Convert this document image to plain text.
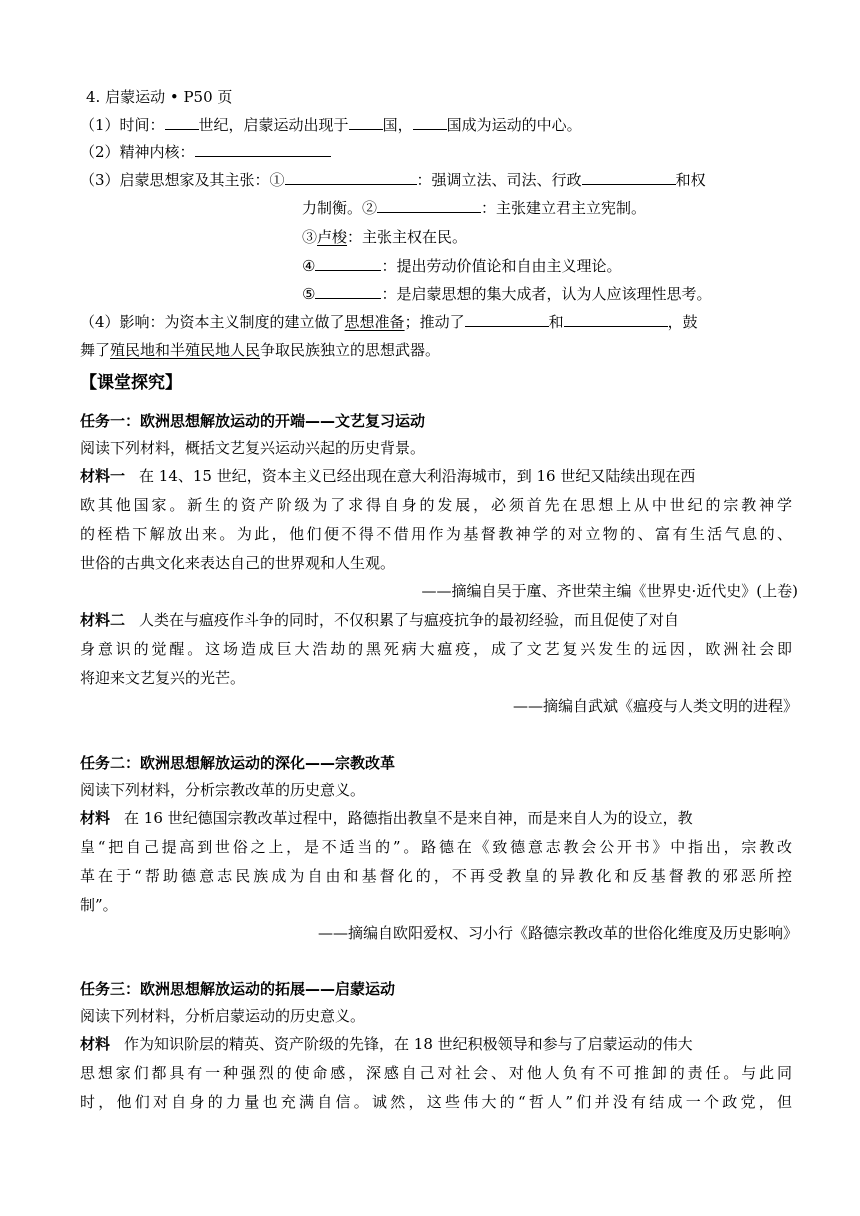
4. 启蒙运动 • P50 页
（1）时间： 世纪，启蒙运动出现于 国， 国成为运动的中心。
（2）精神内核：
（3）启蒙思想家及其主张：①	：强调立法、司法、行政	和权
力制衡。②	：主张建立君主立宪制。
③卢梭：主张主权在民。
④	：提出劳动价值论和自由主义理论。
⑤	：是启蒙思想的集大成者，认为人应该理性思考。
（4）影响：为资本主义制度的建立做了思想准备；推动了	和	，鼓
舞了殖民地和半殖民地人民争取民族独立的思想武器。
【课堂探究】
任务一：欧洲思想解放运动的开端——文艺复习运动
阅读下列材料，概括文艺复兴运动兴起的历史背景。
材料一 在 14、15 世纪，资本主义已经出现在意大利沿海城市，到 16 世纪又陆续出现在西
欧其他国家。新生的资产阶级为了求得自身的发展，必须首先在思想上从中世纪的宗教神学
的桎梏下解放出来。为此，他们便不得不借用作为基督教神学的对立物的、富有生活气息的、
世俗的古典文化来表达自己的世界观和人生观。
——摘编自吴于廑、齐世荣主编《世界史·近代史》(上卷)
材料二 人类在与瘟疫作斗争的同时，不仅积累了与瘟疫抗争的最初经验，而且促使了对自
身意识的觉醒。这场造成巨大浩劫的黑死病大瘟疫，成了文艺复兴发生的远因，欧洲社会即
将迎来文艺复兴的光芒。
——摘编自武斌《瘟疫与人类文明的进程》
任务二：欧洲思想解放运动的深化——宗教改革
阅读下列材料，分析宗教改革的历史意义。
材料 在 16 世纪德国宗教改革过程中，路德指出教皇不是来自神，而是来自人为的设立，教
皇“把自己提高到世俗之上，是不适当的”。路德在《致德意志教会公开书》中指出，宗教改
革在于“帮助德意志民族成为自由和基督化的，不再受教皇的异教化和反基督教的邪恶所控
制”。
——摘编自欧阳爱权、习小行《路德宗教改革的世俗化维度及历史影响》
任务三：欧洲思想解放运动的拓展——启蒙运动
阅读下列材料，分析启蒙运动的历史意义。
材料 作为知识阶层的精英、资产阶级的先锋，在 18 世纪积极领导和参与了启蒙运动的伟大
思想家们都具有一种强烈的使命感，深感自己对社会、对他人负有不可推卸的责任。与此同
时，他们对自身的力量也充满自信。诚然，这些伟大的“哲人”们并没有结成一个政党，但
